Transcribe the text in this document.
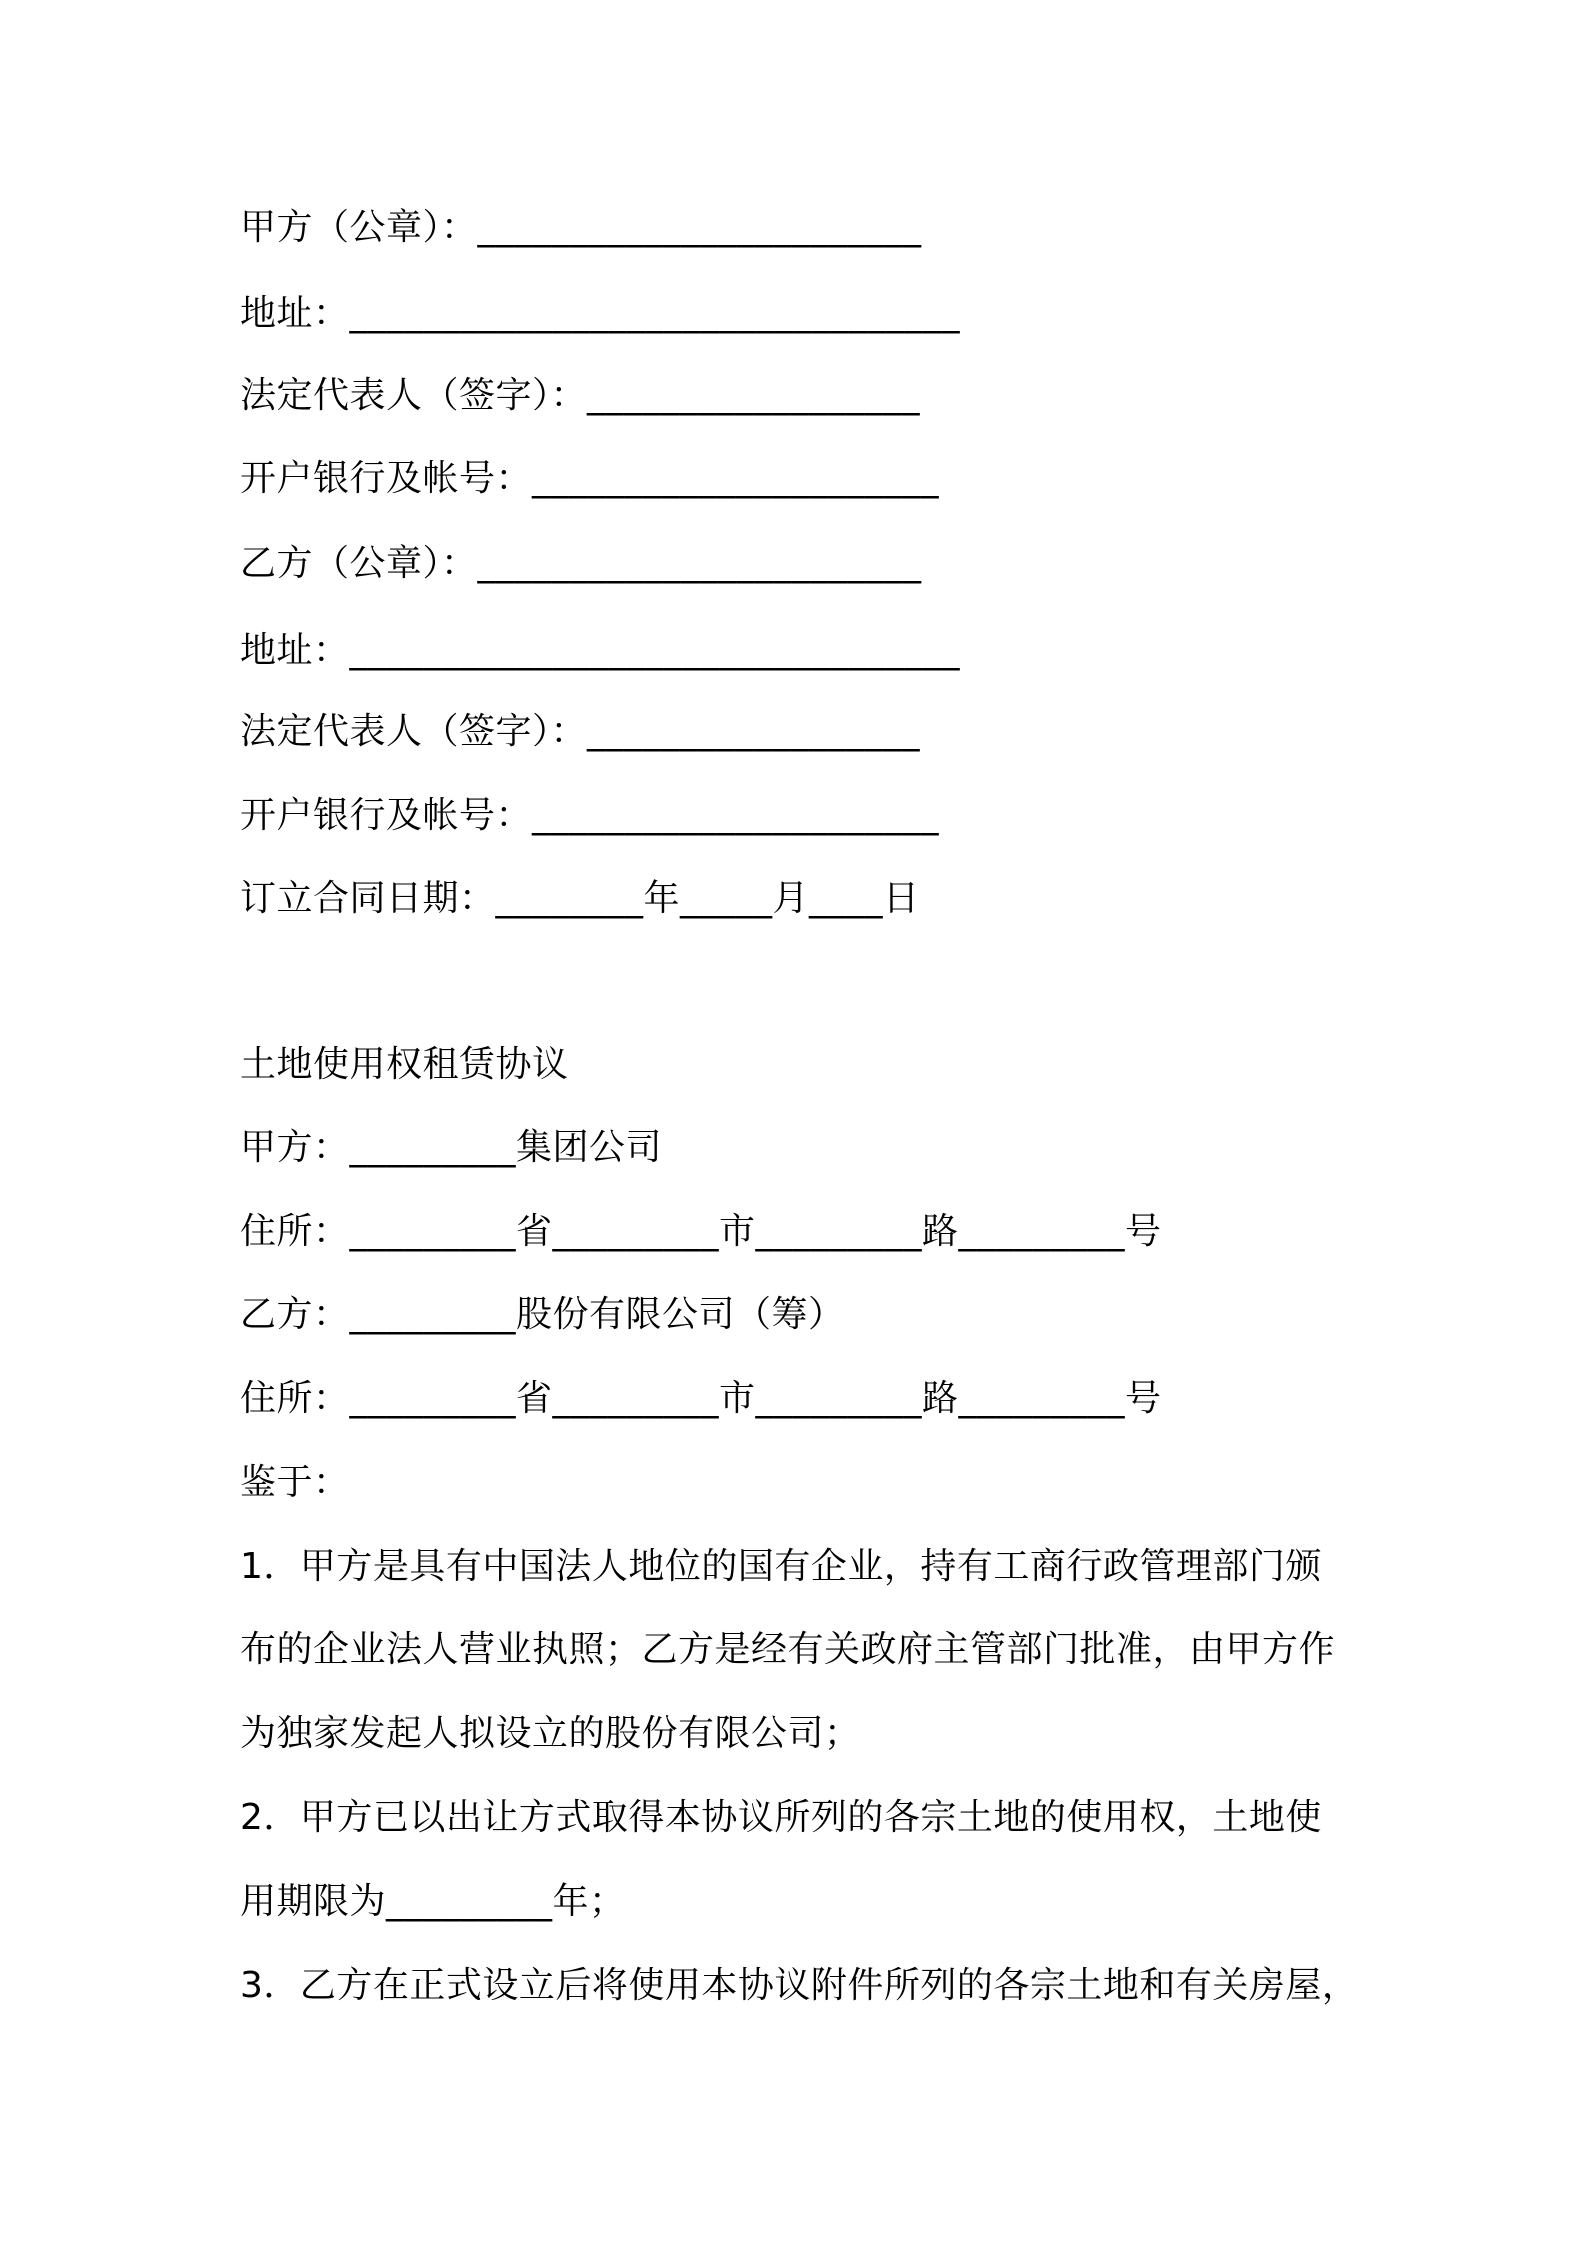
甲方（公章）：________________________
地址：_________________________________
法定代表人（签字）：__________________
开户银行及帐号：______________________
乙方（公章）：________________________
地址：_________________________________
法定代表人（签字）：__________________
开户银行及帐号：______________________
订立合同日期：________年_____月____日
土地使用权租赁协议
甲方：_________集团公司
住所：_________省_________市_________路_________号
乙方：_________股份有限公司（筹）
住所：_________省_________市_________路_________号
鉴于：
1．甲方是具有中国法人地位的国有企业，持有工商行政管理部门颁
布的企业法人营业执照；乙方是经有关政府主管部门批准，由甲方作
为独家发起人拟设立的股份有限公司；
2．甲方已以出让方式取得本协议所列的各宗土地的使用权，土地使
用期限为_________年；
3．乙方在正式设立后将使用本协议附件所列的各宗土地和有关房屋，
